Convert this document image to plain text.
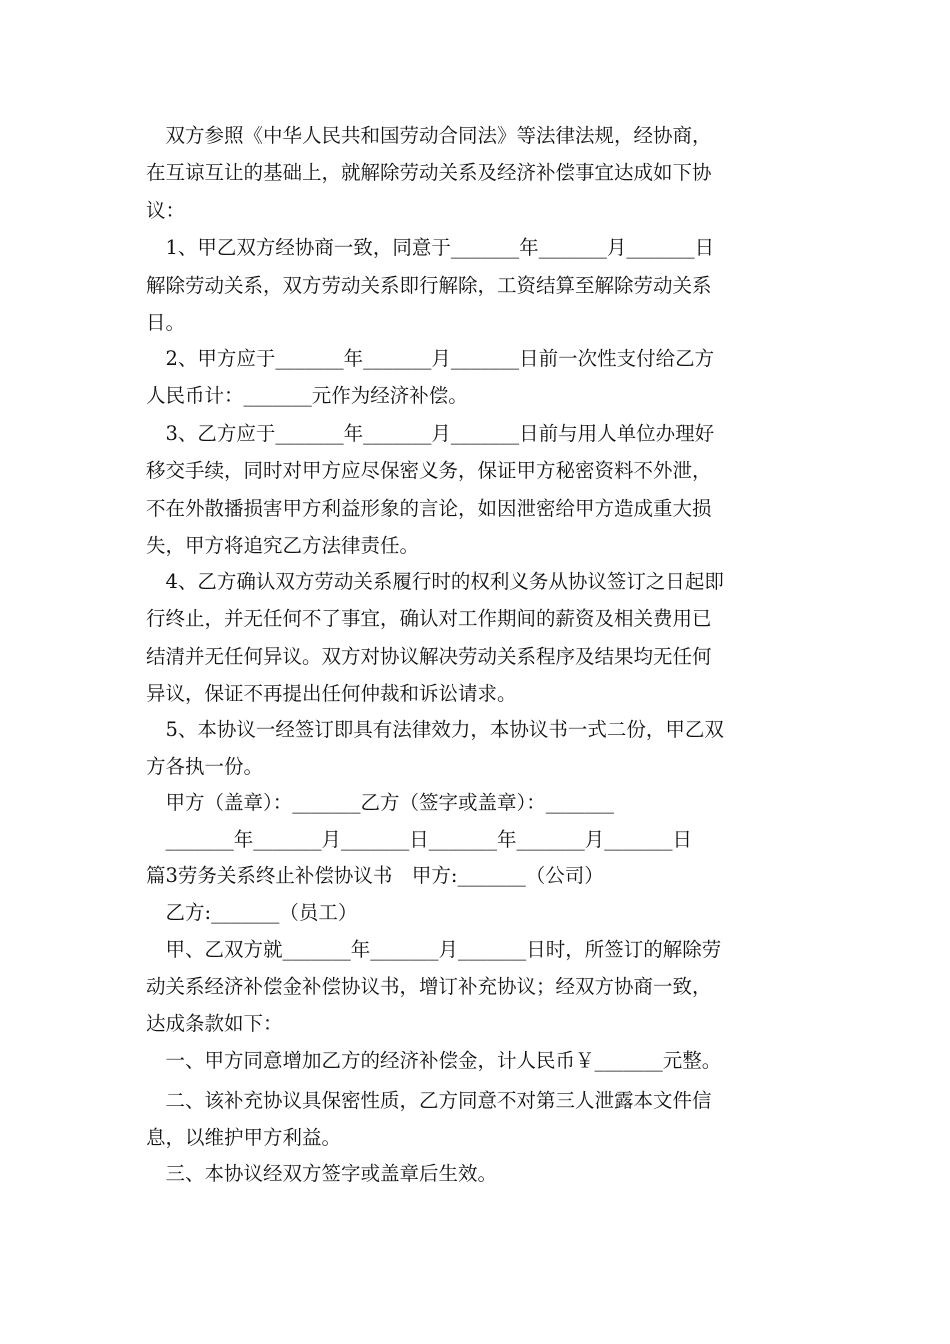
　双方参照《中华人民共和国劳动合同法》等法律法规，经协商，
在互谅互让的基础上，就解除劳动关系及经济补偿事宜达成如下协
议：
　1、甲乙双方经协商一致，同意于_______年_______月_______日
解除劳动关系，双方劳动关系即行解除，工资结算至解除劳动关系
日。
　2、甲方应于_______年_______月_______日前一次性支付给乙方
人民币计：_______元作为经济补偿。
　3、乙方应于_______年_______月_______日前与用人单位办理好
移交手续，同时对甲方应尽保密义务，保证甲方秘密资料不外泄，
不在外散播损害甲方利益形象的言论，如因泄密给甲方造成重大损
失，甲方将追究乙方法律责任。
　4、乙方确认双方劳动关系履行时的权利义务从协议签订之日起即
行终止，并无任何不了事宜，确认对工作期间的薪资及相关费用已
结清并无任何异议。双方对协议解决劳动关系程序及结果均无任何
异议，保证不再提出任何仲裁和诉讼请求。
　5、本协议一经签订即具有法律效力，本协议书一式二份，甲乙双
方各执一份。
　甲方（盖章）：_______乙方（签字或盖章）：_______
　_______年_______月_______日_______年_______月_______日
篇3劳务关系终止补偿协议书　甲方:_______（公司）
　乙方:_______（员工）
　甲、乙双方就_______年_______月_______日时，所签订的解除劳
动关系经济补偿金补偿协议书，增订补充协议；经双方协商一致，
达成条款如下：
　一、甲方同意增加乙方的经济补偿金，计人民币￥_______元整。
　二、该补充协议具保密性质，乙方同意不对第三人泄露本文件信
息，以维护甲方利益。
　三、本协议经双方签字或盖章后生效。
